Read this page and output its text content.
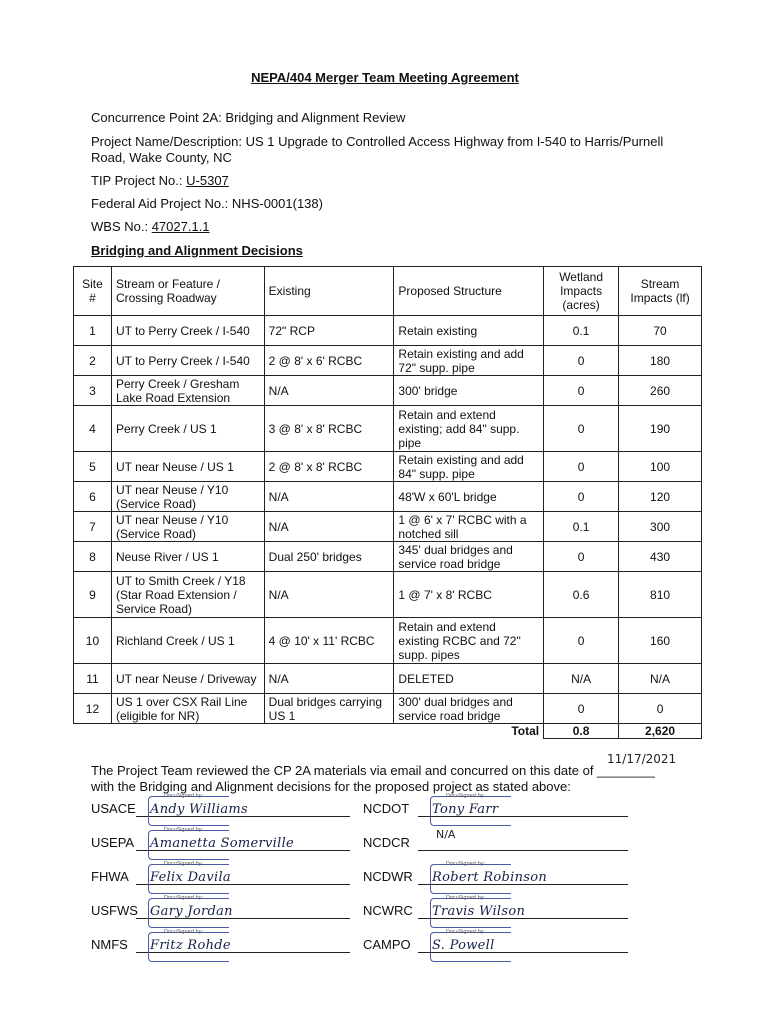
NEPA/404 Merger Team Meeting Agreement
Concurrence Point 2A: Bridging and Alignment Review
Project Name/Description: US 1 Upgrade to Controlled Access Highway from I-540 to Harris/Purnell Road, Wake County, NC
TIP Project No.: U-5307
Federal Aid Project No.: NHS-0001(138)
WBS No.: 47027.1.1
Bridging and Alignment Decisions
Site #	Stream or Feature / Crossing Roadway	Existing	Proposed Structure	Wetland Impacts (acres)	Stream Impacts (lf)
1	UT to Perry Creek / I-540	72" RCP	Retain existing	0.1	70
2	UT to Perry Creek / I-540	2 @ 8' x 6' RCBC	Retain existing and add 72" supp. pipe	0	180
3	Perry Creek / Gresham Lake Road Extension	N/A	300' bridge	0	260
4	Perry Creek / US 1	3 @ 8' x 8' RCBC	Retain and extend existing; add 84" supp. pipe	0	190
5	UT near Neuse / US 1	2 @ 8' x 8' RCBC	Retain existing and add 84" supp. pipe	0	100
6	UT near Neuse / Y10 (Service Road)	N/A	48'W x 60'L bridge	0	120
7	UT near Neuse / Y10 (Service Road)	N/A	1 @ 6' x 7' RCBC with a notched sill	0.1	300
8	Neuse River / US 1	Dual 250' bridges	345' dual bridges and service road bridge	0	430
9	UT to Smith Creek / Y18 (Star Road Extension / Service Road)	N/A	1 @ 7' x 8' RCBC	0.6	810
10	Richland Creek / US 1	4 @ 10' x 11' RCBC	Retain and extend existing RCBC and 72" supp. pipes	0	160
11	UT near Neuse / Driveway	N/A	DELETED	N/A	N/A
12	US 1 over CSX Rail Line (eligible for NR)	Dual bridges carrying US 1	300' dual bridges and service road bridge	0	0
			Total	0.8	2,620
11/17/2021
The Project Team reviewed the CP 2A materials via email and concurred on this date of ________
with the Bridging and Alignment decisions for the proposed project as stated above:
USACE
DocuSigned by:
Andy Williams	NCDOT
DocuSigned by:
Tony Farr
USEPA
DocuSigned by:
Amanetta Somerville	NCDCR
N/A
FHWA
DocuSigned by:
Felix Davila	NCDWR
DocuSigned by:
Robert Robinson
USFWS
DocuSigned by:
Gary Jordan	NCWRC
DocuSigned by:
Travis Wilson
NMFS
DocuSigned by:
Fritz Rohde	CAMPO
DocuSigned by:
S. Powell
